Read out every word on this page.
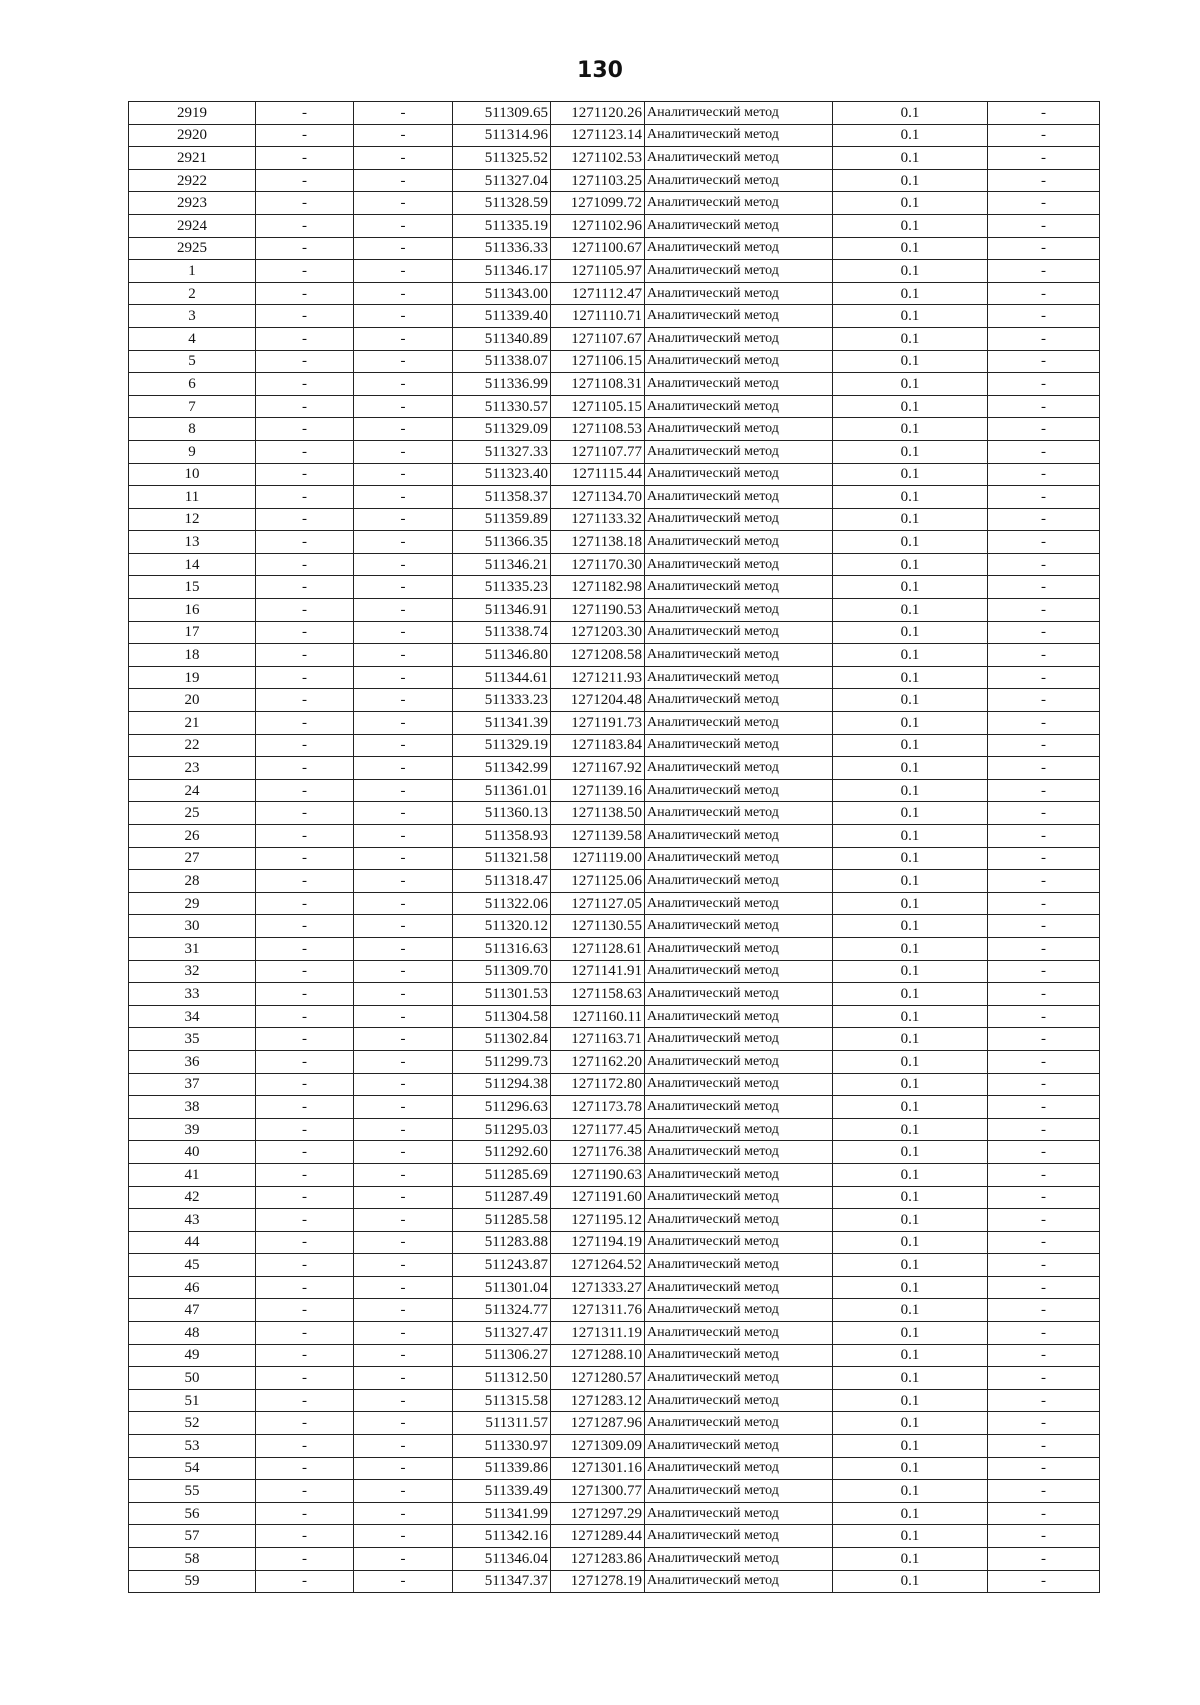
130
2919	-	-	511309.65	1271120.26	Аналитический метод	0.1	-
2920	-	-	511314.96	1271123.14	Аналитический метод	0.1	-
2921	-	-	511325.52	1271102.53	Аналитический метод	0.1	-
2922	-	-	511327.04	1271103.25	Аналитический метод	0.1	-
2923	-	-	511328.59	1271099.72	Аналитический метод	0.1	-
2924	-	-	511335.19	1271102.96	Аналитический метод	0.1	-
2925	-	-	511336.33	1271100.67	Аналитический метод	0.1	-
1	-	-	511346.17	1271105.97	Аналитический метод	0.1	-
2	-	-	511343.00	1271112.47	Аналитический метод	0.1	-
3	-	-	511339.40	1271110.71	Аналитический метод	0.1	-
4	-	-	511340.89	1271107.67	Аналитический метод	0.1	-
5	-	-	511338.07	1271106.15	Аналитический метод	0.1	-
6	-	-	511336.99	1271108.31	Аналитический метод	0.1	-
7	-	-	511330.57	1271105.15	Аналитический метод	0.1	-
8	-	-	511329.09	1271108.53	Аналитический метод	0.1	-
9	-	-	511327.33	1271107.77	Аналитический метод	0.1	-
10	-	-	511323.40	1271115.44	Аналитический метод	0.1	-
11	-	-	511358.37	1271134.70	Аналитический метод	0.1	-
12	-	-	511359.89	1271133.32	Аналитический метод	0.1	-
13	-	-	511366.35	1271138.18	Аналитический метод	0.1	-
14	-	-	511346.21	1271170.30	Аналитический метод	0.1	-
15	-	-	511335.23	1271182.98	Аналитический метод	0.1	-
16	-	-	511346.91	1271190.53	Аналитический метод	0.1	-
17	-	-	511338.74	1271203.30	Аналитический метод	0.1	-
18	-	-	511346.80	1271208.58	Аналитический метод	0.1	-
19	-	-	511344.61	1271211.93	Аналитический метод	0.1	-
20	-	-	511333.23	1271204.48	Аналитический метод	0.1	-
21	-	-	511341.39	1271191.73	Аналитический метод	0.1	-
22	-	-	511329.19	1271183.84	Аналитический метод	0.1	-
23	-	-	511342.99	1271167.92	Аналитический метод	0.1	-
24	-	-	511361.01	1271139.16	Аналитический метод	0.1	-
25	-	-	511360.13	1271138.50	Аналитический метод	0.1	-
26	-	-	511358.93	1271139.58	Аналитический метод	0.1	-
27	-	-	511321.58	1271119.00	Аналитический метод	0.1	-
28	-	-	511318.47	1271125.06	Аналитический метод	0.1	-
29	-	-	511322.06	1271127.05	Аналитический метод	0.1	-
30	-	-	511320.12	1271130.55	Аналитический метод	0.1	-
31	-	-	511316.63	1271128.61	Аналитический метод	0.1	-
32	-	-	511309.70	1271141.91	Аналитический метод	0.1	-
33	-	-	511301.53	1271158.63	Аналитический метод	0.1	-
34	-	-	511304.58	1271160.11	Аналитический метод	0.1	-
35	-	-	511302.84	1271163.71	Аналитический метод	0.1	-
36	-	-	511299.73	1271162.20	Аналитический метод	0.1	-
37	-	-	511294.38	1271172.80	Аналитический метод	0.1	-
38	-	-	511296.63	1271173.78	Аналитический метод	0.1	-
39	-	-	511295.03	1271177.45	Аналитический метод	0.1	-
40	-	-	511292.60	1271176.38	Аналитический метод	0.1	-
41	-	-	511285.69	1271190.63	Аналитический метод	0.1	-
42	-	-	511287.49	1271191.60	Аналитический метод	0.1	-
43	-	-	511285.58	1271195.12	Аналитический метод	0.1	-
44	-	-	511283.88	1271194.19	Аналитический метод	0.1	-
45	-	-	511243.87	1271264.52	Аналитический метод	0.1	-
46	-	-	511301.04	1271333.27	Аналитический метод	0.1	-
47	-	-	511324.77	1271311.76	Аналитический метод	0.1	-
48	-	-	511327.47	1271311.19	Аналитический метод	0.1	-
49	-	-	511306.27	1271288.10	Аналитический метод	0.1	-
50	-	-	511312.50	1271280.57	Аналитический метод	0.1	-
51	-	-	511315.58	1271283.12	Аналитический метод	0.1	-
52	-	-	511311.57	1271287.96	Аналитический метод	0.1	-
53	-	-	511330.97	1271309.09	Аналитический метод	0.1	-
54	-	-	511339.86	1271301.16	Аналитический метод	0.1	-
55	-	-	511339.49	1271300.77	Аналитический метод	0.1	-
56	-	-	511341.99	1271297.29	Аналитический метод	0.1	-
57	-	-	511342.16	1271289.44	Аналитический метод	0.1	-
58	-	-	511346.04	1271283.86	Аналитический метод	0.1	-
59	-	-	511347.37	1271278.19	Аналитический метод	0.1	-
